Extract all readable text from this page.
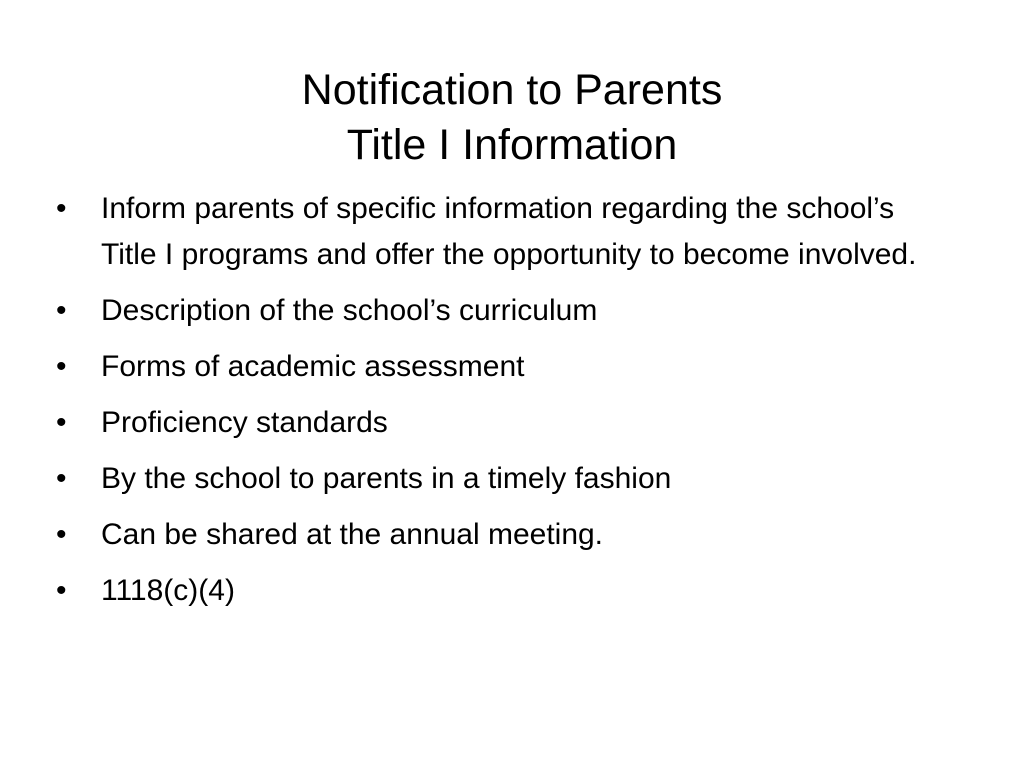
Notification to Parents
Title I Information
•	Inform parents of specific information regarding the school’s Title I programs and offer the opportunity to become involved.
•	Description of the school’s curriculum
•	Forms of academic assessment
•	Proficiency standards
•	By the school to parents in a timely fashion
•	Can be shared at the annual meeting.
•	1118(c)(4)
